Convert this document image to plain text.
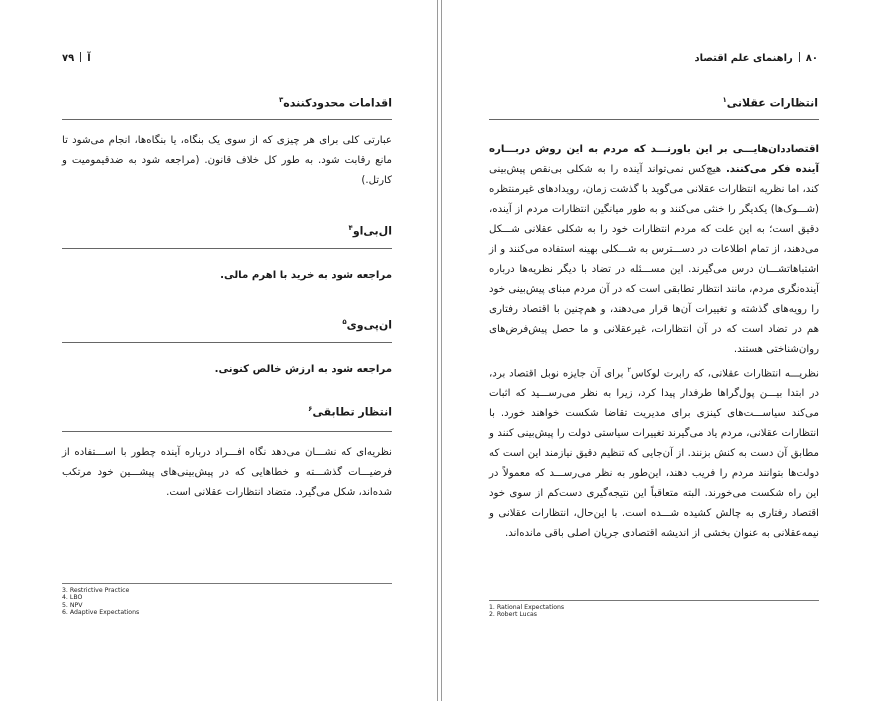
آ۷۹
اقدامات محدودکننده$^۳$
عبارتی کلی برای هر چیزی که از سوی یک بنگاه، یا بنگاه‌ها، انجام می‌شود تا مانع رقابت شود. به طور کل خلاف قانون. (مراجعه شود به ضدقیمومیت و کارتل.)
ال‌بی‌او$^۴$
مراجعه شود به خرید با اهرم مالی.
ان‌پی‌وی$^۵$
مراجعه شود به ارزش خالص کنونی.
انتظار تطابقی$^۶$
نظریه‌ای که نشـــان می‌دهد نگاه افـــراد درباره آینده چطور با اســـتفاده از فرضیـــات گذشـــته و خطاهایی که در پیش‌بینی‌های پیشـــین خود مرتکب شده‌اند، شکل می‌گیرد. متضاد انتظارات عقلانی است.
3. Restrictive Practice
4. LBO
5. NPV
6. Adaptive Expectations
۸۰راهنمای علم اقتصاد
انتظارات عقلانی$^۱$
اقتصاددان‌هایـــی بر این باورنـــد که مردم به این روش دربـــاره آینده فکر می‌کنند. هیچ‌کس نمی‌تواند آینده را به شکلی بی‌نقص پیش‌بینی کند، اما نظریه انتظارات عقلانی می‌گوید با گذشت زمان، رویدادهای غیرمنتظره (شـــوک‌ها) یکدیگر را خنثی می‌کنند و به طور میانگین انتظارات مردم از آینده، دقیق است؛ به این علت که مردم انتظارات خود را به شکلی عقلانی شـــکل می‌دهند، از تمام اطلاعات در دســـترس به شـــکلی بهینه استفاده می‌کنند و از اشتباهاتشـــان درس می‌گیرند. این مســـئله در تضاد با دیگر نظریه‌ها درباره آینده‌نگری مردم، مانند انتظار تطابقی است که در آن مردم مبنای پیش‌بینی خود را رویه‌های گذشته و تغییرات آن‌ها قرار می‌دهند، و هم‌چنین با اقتصاد رفتاری هم در تضاد است که در آن انتظارات، غیرعقلانی و ما حصل پیش‌فرض‌های روان‌شناختی هستند.
نظریـــه انتظارات عقلانی، که رابرت لوکاس$^۲$ برای آن جایزه نوبل اقتصاد برد، در ابتدا بیـــن پول‌گراها طرفدار پیدا کرد، زیرا به نظر می‌رســـید که اثبات می‌کند سیاســـت‌های کینزی برای مدیریت تقاضا شکست خواهند خورد. با انتظارات عقلانی، مردم یاد می‌گیرند تغییرات سیاستی دولت را پیش‌بینی کنند و مطابق آن دست به کنش بزنند. از آن‌جایی که تنظیم دقیق نیازمند این است که دولت‌ها بتوانند مردم را فریب دهند، این‌طور به نظر می‌رســـد که معمولاً در این راه شکست می‌خورند. البته متعاقباً این نتیجه‌گیری دست‌کم از سوی خود اقتصاد رفتاری به چالش کشیده شـــده است. با این‌حال، انتظارات عقلانی و نیمه‌عقلانی به عنوان بخشی از اندیشه اقتصادی جریان اصلی باقی مانده‌اند.
1. Rational Expectations
2. Robert Lucas
